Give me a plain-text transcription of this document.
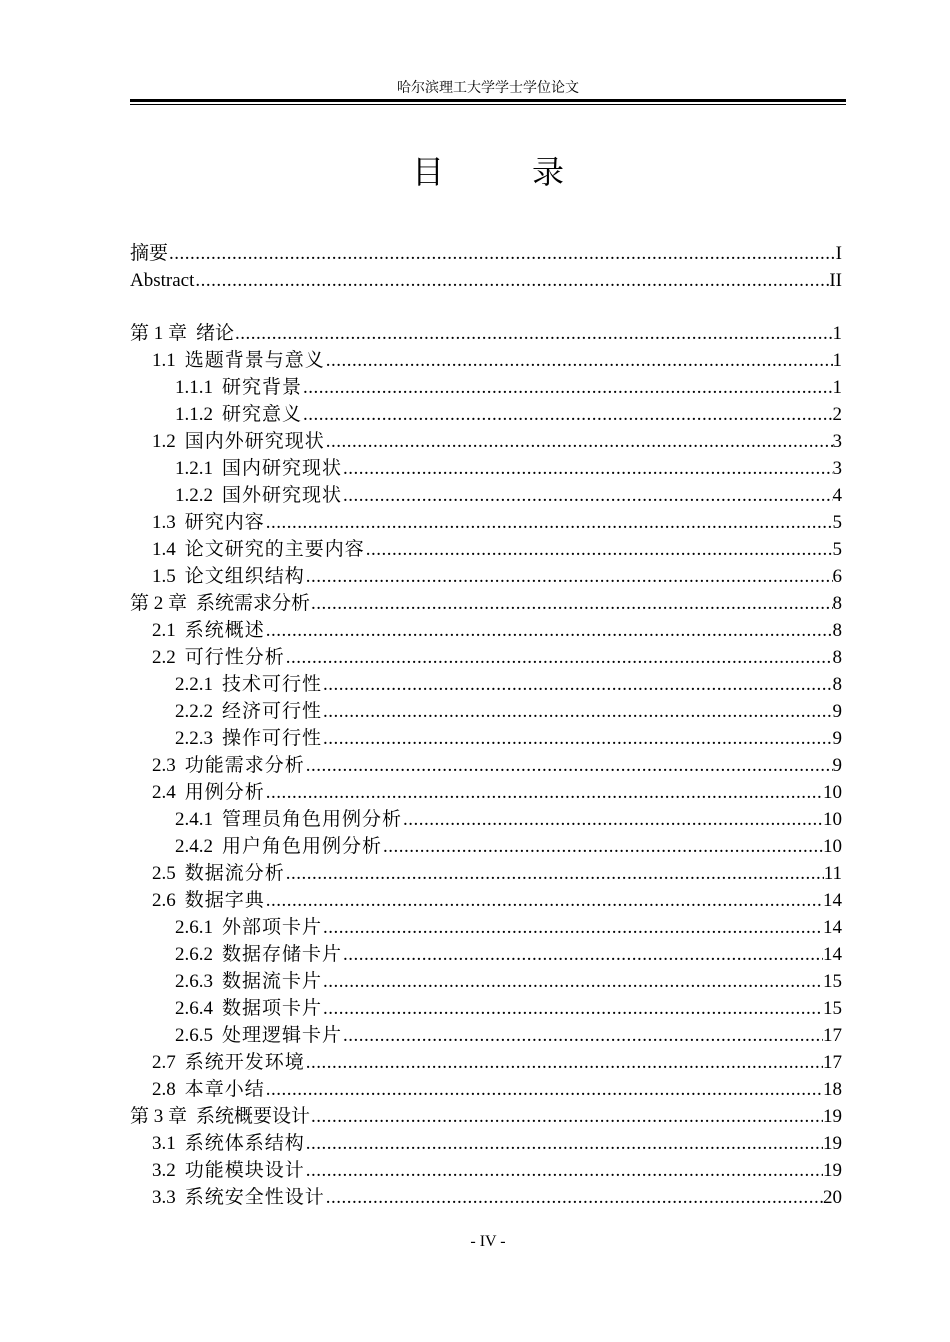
哈尔滨理工大学学士学位论文
目　录
摘要 .....	I
Abstract .....	II
第 1 章 绪论 .....	1
1.1 选题背景与意义 .....	1
1.1.1 研究背景 .....	1
1.1.2 研究意义 .....	2
1.2 国内外研究现状 .....	3
1.2.1 国内研究现状 .....	3
1.2.2 国外研究现状 .....	4
1.3 研究内容 .....	5
1.4 论文研究的主要内容 .....	5
1.5 论文组织结构 .....	6
第 2 章 系统需求分析 .....	8
2.1 系统概述 .....	8
2.2 可行性分析 .....	8
2.2.1 技术可行性 .....	8
2.2.2 经济可行性 .....	9
2.2.3 操作可行性 .....	9
2.3 功能需求分析 .....	9
2.4 用例分析 .....	10
2.4.1 管理员角色用例分析 .....	10
2.4.2 用户角色用例分析 .....	10
2.5 数据流分析 .....	11
2.6 数据字典 .....	14
2.6.1 外部项卡片 .....	14
2.6.2 数据存储卡片 .....	14
2.6.3 数据流卡片 .....	15
2.6.4 数据项卡片 .....	15
2.6.5 处理逻辑卡片 .....	17
2.7 系统开发环境 .....	17
2.8 本章小结 .....	18
第 3 章 系统概要设计 .....	19
3.1 系统体系结构 .....	19
3.2 功能模块设计 .....	19
3.3 系统安全性设计 .....	20
- IV -
